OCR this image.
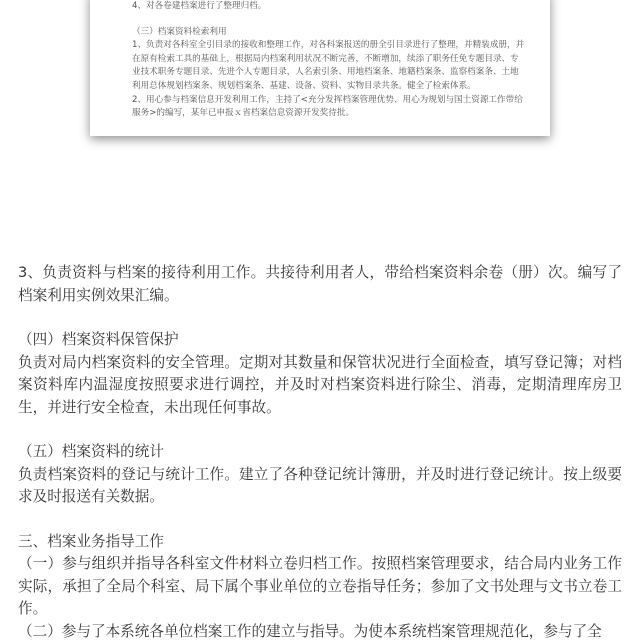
4、对各卷建档案进行了整理归档。

（三）档案资料检索利用

1、负责对各科室全引目录的接收和整理工作，对各科案报送的册全引目录进行了整理，并精装成册，并在原有检索工具的基础上，根据局内档案利用状况不断完善，不断增加，续添了职务任免专题目录、专业技术职务专题目录、先进个人专题目录，人名索引条、用地档案条、地籍档案条、监察档案条、土地利用总体规划档案条、规划档案条、基建、设备、资料、实物目录共条。健全了检索体系。

2、用心参与档案信息开发利用工作，主持了<充分发挥档案管理优势、用心为规划与国土资源工作带给服务>的编写，某年已申报ｘ省档案信息资源开发奖待批。

3、负责资料与档案的接待利用工作。共接待利用者人，带给档案资料余卷（册）次。编写了档案利用实例效果汇编。

（四）档案资料保管保护

负责对局内档案资料的安全管理。定期对其数量和保管状况进行全面检查，填写登记簿；对档案资料库内温湿度按照要求进行调控，并及时对档案资料进行除尘、消毒，定期清理库房卫生，并进行安全检查，未出现任何事故。

（五）档案资料的统计

负责档案资料的登记与统计工作。建立了各种登记统计簿册，并及时进行登记统计。按上级要求及时报送有关数据。

三、档案业务指导工作

（一）参与组织并指导各科室文件材料立卷归档工作。按照档案管理要求，结合局内业务工作实际，承担了全局个科室、局下属个事业单位的立卷指导任务；参加了文书处理与文书立卷工作。

（二）参与了本系统各单位档案工作的建立与指导。为使本系统档案管理规范化，参与了全
